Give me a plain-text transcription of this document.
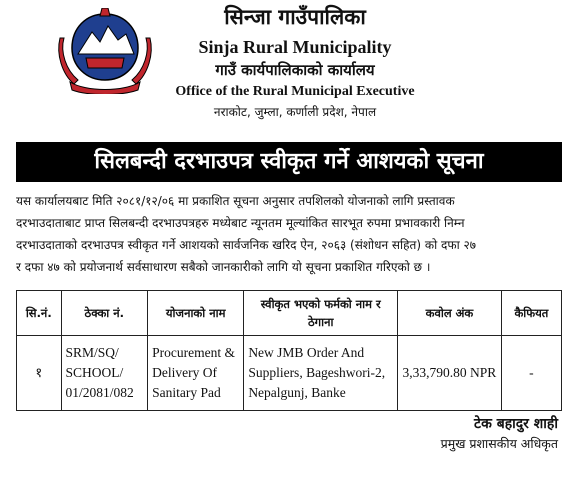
सिन्जा गाउँपालिका
Sinja Rural Municipality
गाउँ कार्यपालिकाको कार्यालय
Office of the Rural Municipal Executive
नराकोट, जुम्ला, कर्णाली प्रदेश, नेपाल
सिलबन्दी दरभाउपत्र स्वीकृत गर्ने आशयको सूचना
यस कार्यालयबाट मिति २०८१/१२/०६ मा प्रकाशित सूचना अनुसार तपशिलको योजनाको लागि प्रस्तावक
दरभाउदाताबाट प्राप्त सिलबन्दी दरभाउपत्रहरु मध्येबाट न्यूनतम मूल्यांकित सारभूत रुपमा प्रभावकारी निम्न
दरभाउदाताको दरभाउपत्र स्वीकृत गर्ने आशयको सार्वजनिक खरिद ऐन, २०६३ (संशोधन सहित) को दफा २७
र दफा ४७ को प्रयोजनार्थ सर्वसाधारण सबैको जानकारीको लागि यो सूचना प्रकाशित गरिएको छ ।
सि.नं.	ठेक्का नं.	योजनाको नाम	स्वीकृत भएको फर्मको नाम र ठेगाना	कवोल अंक	कैफियत
१	SRM/SQ/ SCHOOL/ 01/2081/082	Procurement & Delivery Of Sanitary Pad	New JMB Order And Suppliers, Bageshwori-2, Nepalgunj, Banke	3,33,790.80 NPR	-
टेक बहादुर शाही
प्रमुख प्रशासकीय अधिकृत
